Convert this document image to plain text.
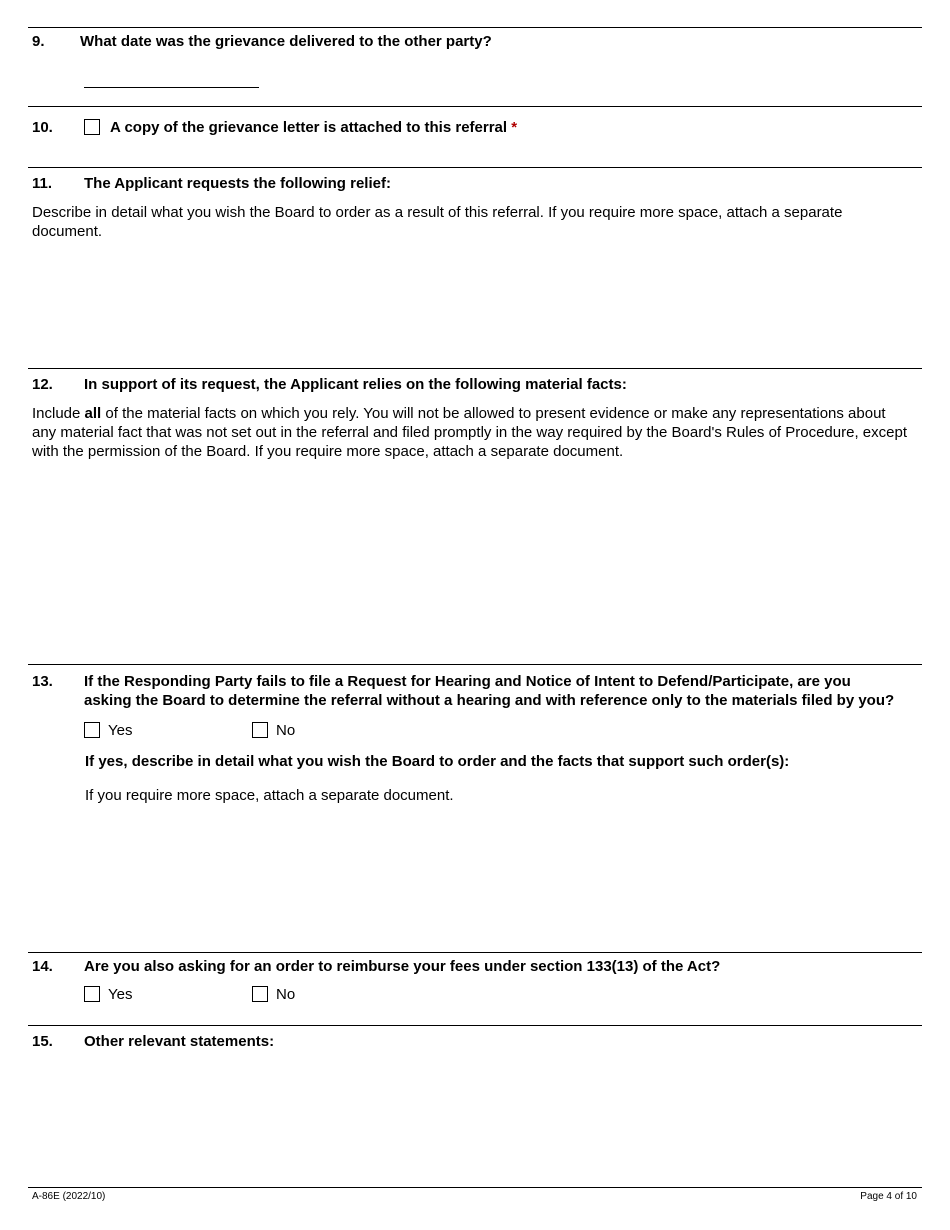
9. What date was the grievance delivered to the other party?
10.	A copy of the grievance letter is attached to this referral *
11. The Applicant requests the following relief:
Describe in detail what you wish the Board to order as a result of this referral. If you require more space, attach a separate document.
12. In support of its request, the Applicant relies on the following material facts:
Include all of the material facts on which you rely. You will not be allowed to present evidence or make any representations about any material fact that was not set out in the referral and filed promptly in the way required by the Board's Rules of Procedure, except with the permission of the Board. If you require more space, attach a separate document.
13. If the Responding Party fails to file a Request for Hearing and Notice of Intent to Defend/Participate, are you
asking the Board to determine the referral without a hearing and with reference only to the materials filed by you?
Yes	No
If yes, describe in detail what you wish the Board to order and the facts that support such order(s):
If you require more space, attach a separate document.
14. Are you also asking for an order to reimburse your fees under section 133(13) of the Act?
Yes	No
15. Other relevant statements:
A-86E (2022/10)	Page 4 of 10
